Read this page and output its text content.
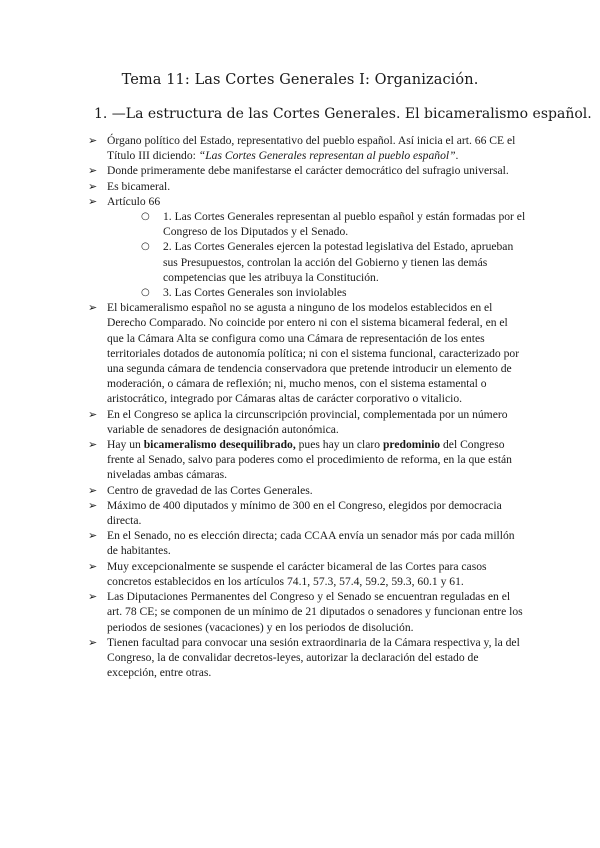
Tema 11: Las Cortes Generales I: Organización.
1. —La estructura de las Cortes Generales. El bicameralismo español.
➢ Órgano político del Estado, representativo del pueblo español. Así inicia el art. 66 CE el Título III diciendo: “Las Cortes Generales representan al pueblo español”.
➢ Donde primeramente debe manifestarse el carácter democrático del sufragio universal.
➢ Es bicameral.
➢ Artículo 66
○ 1. Las Cortes Generales representan al pueblo español y están formadas por el Congreso de los Diputados y el Senado.
○ 2. Las Cortes Generales ejercen la potestad legislativa del Estado, aprueban sus Presupuestos, controlan la acción del Gobierno y tienen las demás competencias que les atribuya la Constitución.
○ 3. Las Cortes Generales son inviolables
➢ El bicameralismo español no se agusta a ninguno de los modelos establecidos en el Derecho Comparado. No coincide por entero ni con el sistema bicameral federal, en el que la Cámara Alta se configura como una Cámara de representación de los entes territoriales dotados de autonomía política; ni con el sistema funcional, caracterizado por una segunda cámara de tendencia conservadora que pretende introducir un elemento de moderación, o cámara de reflexión; ni, mucho menos, con el sistema estamental o aristocrático, integrado por Cámaras altas de carácter corporativo o vitalicio.
➢ En el Congreso se aplica la circunscripción provincial, complementada por un número variable de senadores de designación autonómica.
➢ Hay un bicameralismo desequilibrado, pues hay un claro predominio del Congreso frente al Senado, salvo para poderes como el procedimiento de reforma, en la que están niveladas ambas cámaras.
➢ Centro de gravedad de las Cortes Generales.
➢ Máximo de 400 diputados y mínimo de 300 en el Congreso, elegidos por democracia directa.
➢ En el Senado, no es elección directa; cada CCAA envía un senador más por cada millón de habitantes.
➢ Muy excepcionalmente se suspende el carácter bicameral de las Cortes para casos concretos establecidos en los artículos 74.1, 57.3, 57.4, 59.2, 59.3, 60.1 y 61.
➢ Las Diputaciones Permanentes del Congreso y el Senado se encuentran reguladas en el art. 78 CE; se componen de un mínimo de 21 diputados o senadores y funcionan entre los periodos de sesiones (vacaciones) y en los periodos de disolución.
➢ Tienen facultad para convocar una sesión extraordinaria de la Cámara respectiva y, la del Congreso, la de convalidar decretos-leyes, autorizar la declaración del estado de excepción, entre otras.
